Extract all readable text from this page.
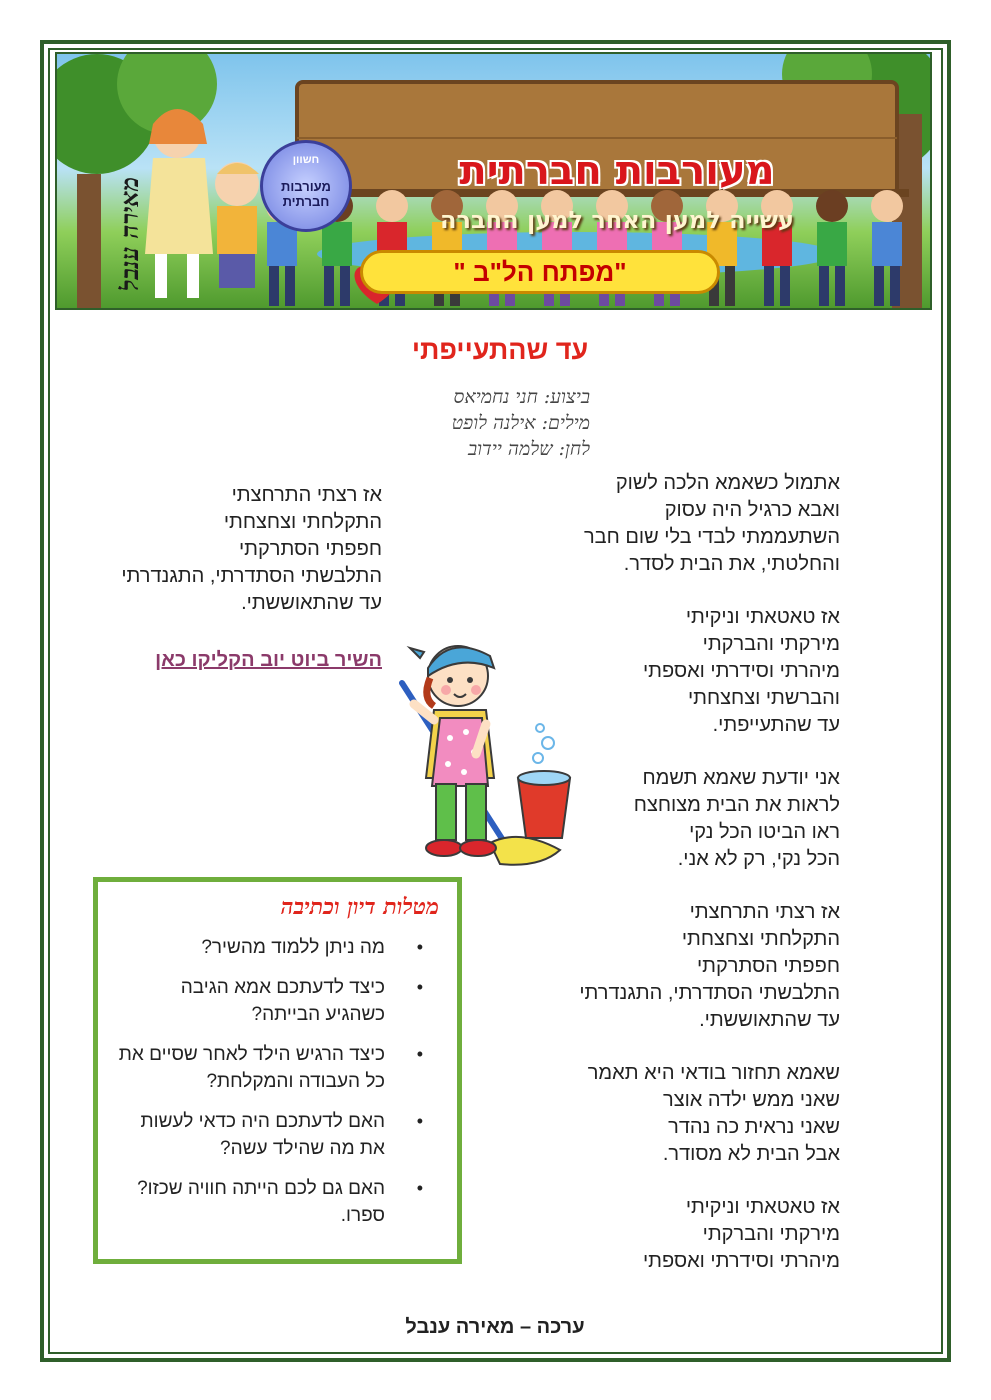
מאירה ענבל
חשוון
מעורבות חברתית
מעורבות חברתית
עשייה למען האחר למען החברה
"מפתח הל"ב "
עד שהתעייפתי
ביצוע: חני נחמיאס
מילים: אילנה לופט
לחן: שלמה יידוב
אתמול כשאמא הלכה לשוק
ואבא כרגיל היה עסוק
השתעממתי לבדי בלי שום חבר
והחלטתי, את הבית לסדר.
אז טאטאתי וניקיתי
מירקתי והברקתי
מיהרתי וסידרתי ואספתי
והברשתי וצחצחתי
עד שהתעייפתי.
אני יודעת שאמא תשמח
לראות את הבית מצוחצח
ראו הביטו הכל נקי
הכל נקי, רק לא אני.
אז רצתי התרחצתי
התקלחתי וצחצחתי
חפפתי הסתרקתי
התלבשתי הסתדרתי, התגנדרתי
עד שהתאוששתי.
שאמא תחזור בודאי היא תאמר
שאני ממש ילדה אוצר
שאני נראית כה נהדר
אבל הבית לא מסודר.
אז טאטאתי וניקיתי
מירקתי והברקתי
מיהרתי וסידרתי ואספתי
אז רצתי התרחצתי
התקלחתי וצחצחתי
חפפתי הסתרקתי
התלבשתי הסתדרתי, התגנדרתי
עד שהתאוששתי.
השיר ביוט יוב הקליקו כאן
מטלות דיון וכתיבה
• מה ניתן ללמוד מהשיר?
• כיצד לדעתכם אמא הגיבה כשהגיע הבייתה?
• כיצד הרגיש הילד לאחר שסיים את כל העבודה והמקלחת?
• האם לדעתכם היה כדאי לעשות את מה שהילד עשה?
• האם גם לכם הייתה חוויה שכזו? ספרו.
ערכה – מאירה ענבל
